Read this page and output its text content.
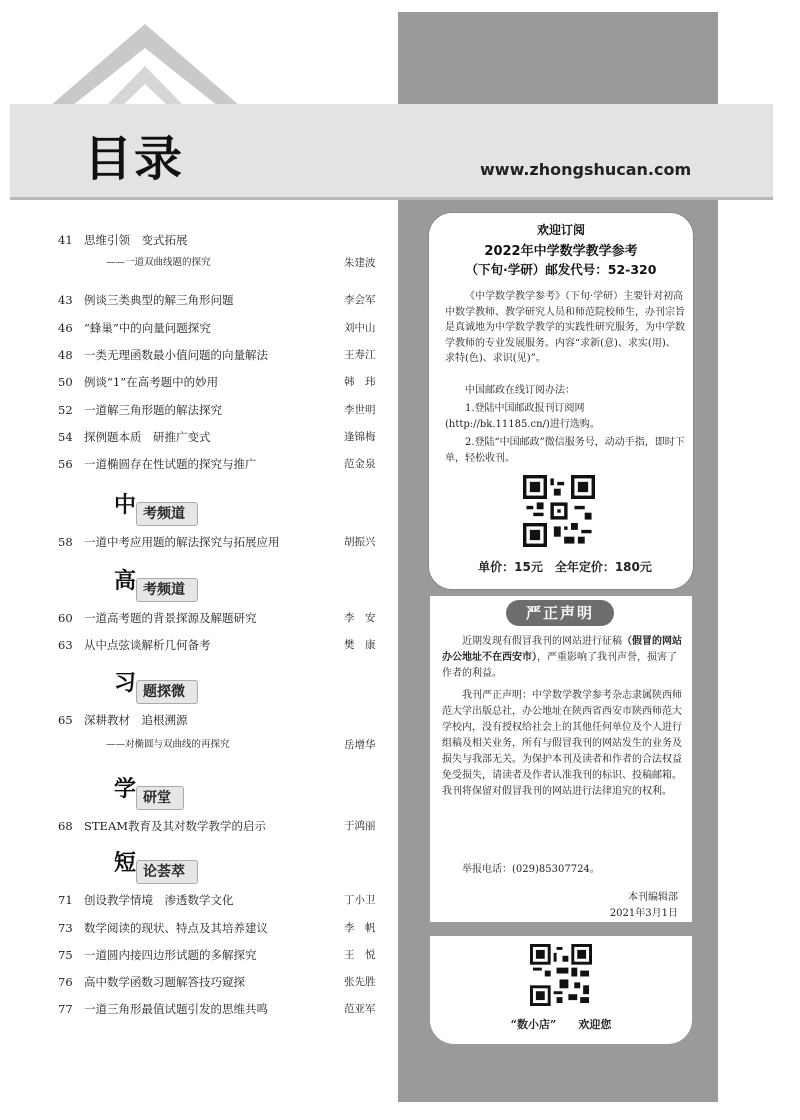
目录	www.zhongshucan.com
41 思维引领　变式拓展
——一道双曲线题的探究	朱建波
43 例谈三类典型的解三角形问题	李会军
46 “蜂巢”中的向量问题探究	刘中山
48 一类无理函数最小值问题的向量解法	王寿江
50 例谈“1”在高考题中的妙用	韩　玮
52 一道解三角形题的解法探究	李世明
54 探例题本质　研推广变式	逢锦梅
56 一道椭圆存在性试题的探究与推广	范金泉
考频道
中
58 一道中考应用题的解法探究与拓展应用	胡振兴
考频道
高
60 一道高考题的背景探源及解题研究	李　安
63 从中点弦谈解析几何备考	樊　康
题探微
习
65 深耕教材　追根溯源
——对椭圆与双曲线的再探究	岳增华
研堂
学
68 STEAM教育及其对数学教学的启示	于鸿丽
论荟萃
短
71 创设教学情境　渗透数学文化	丁小卫
73 数学阅读的现状、特点及其培养建议	李　帆
75 一道圆内接四边形试题的多解探究	王　悦
76 高中数学函数习题解答技巧窥探	张先胜
77 一道三角形最值试题引发的思维共鸣	范亚军
欢迎订阅
2022年中学数学教学参考
（下旬·学研）邮发代号：52-320
《中学数学教学参考》（下旬·学研）主要针对初高中数学教师、教学研究人员和师范院校师生，办刊宗旨是真诚地为中学数学教学的实践性研究服务，为中学数学教师的专业发展服务。内容“求新(意)、求实(用)、求特(色)、求识(见)”。
中国邮政在线订阅办法：
1.登陆中国邮政报刊订阅网(http://bk.11185.cn/)进行选购。
2.登陆“中国邮政”微信服务号，动动手指，即时下单，轻松收刊。
单价：15元　全年定价：180元
严正声明
近期发现有假冒我刊的网站进行征稿（假冒的网站办公地址不在西安市），严重影响了我刊声誉，损害了作者的利益。
我刊严正声明：中学数学教学参考杂志隶属陕西师范大学出版总社，办公地址在陕西省西安市陕西师范大学校内，没有授权给社会上的其他任何单位及个人进行组稿及相关业务，所有与假冒我刊的网站发生的业务及损失与我部无关。为保护本刊及读者和作者的合法权益免受损失，请读者及作者认准我刊的标识、投稿邮箱。我刊将保留对假冒我刊的网站进行法律追究的权利。
举报电话：(029)85307724。
本刊编辑部
2021年3月1日
“数小店”　　欢迎您
